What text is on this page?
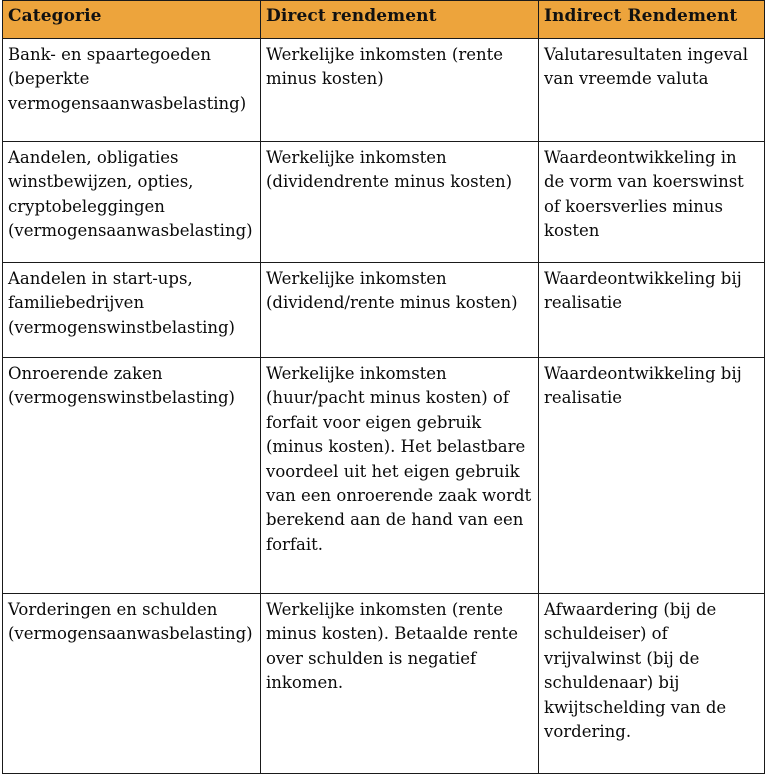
Categorie	Direct rendement	Indirect Rendement

Bank- en spaartegoeden (beperkte vermogensaanwasbelasting)	Werkelijke inkomsten (rente minus kosten)	Valutaresultaten ingeval van vreemde valuta

Aandelen, obligaties winstbewijzen, opties, cryptobeleggingen (vermogensaanwasbelasting)	Werkelijke inkomsten (dividendrente minus kosten)	Waardeontwikkeling in de vorm van koerswinst of koersverlies minus kosten

Aandelen in start-ups, familiebedrijven (vermogenswinstbelasting)	Werkelijke inkomsten (dividend/rente minus kosten)	Waardeontwikkeling bij realisatie

Onroerende zaken (vermogenswinstbelasting)	Werkelijke inkomsten (huur/pacht minus kosten) of forfait voor eigen gebruik (minus kosten). Het belastbare voordeel uit het eigen gebruik van een onroerende zaak wordt berekend aan de hand van een forfait.	Waardeontwikkeling bij realisatie

Vorderingen en schulden (vermogensaanwasbelasting)	Werkelijke inkomsten (rente minus kosten). Betaalde rente over schulden is negatief inkomen.	Afwaardering (bij de schuldeiser) of vrijvalwinst (bij de schuldenaar) bij kwijtschelding van de vordering.
